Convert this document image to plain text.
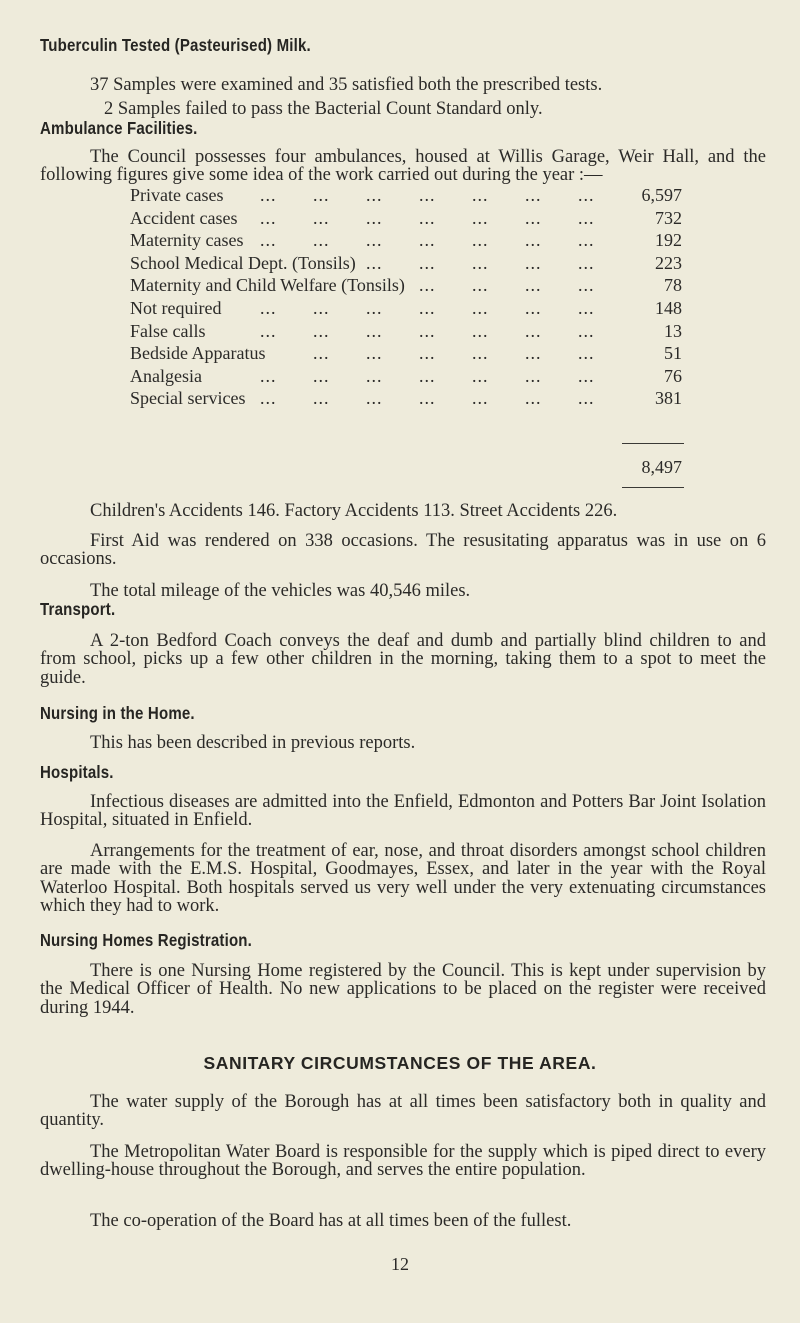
Tuberculin Tested (Pasteurised) Milk.
37 Samples were examined and 35 satisfied both the prescribed tests.
2 Samples failed to pass the Bacterial Count Standard only.
Ambulance Facilities.
The Council possesses four ambulances, housed at Willis Garage, Weir Hall, and the following figures give some idea of the work carried out during the year :—
Private cases	6,597
Accident cases	732
Maternity cases	192
School Medical Dept. (Tonsils)	223
Maternity and Child Welfare (Tonsils)	78
Not required	148
False calls	13
Bedside Apparatus	51
Analgesia	76
Special services	381
... ... ... ... ... ... ...
... ... ... ... ... ... ...
... ... ... ... ... ... ...
... ... ... ... ...
... ... ... ...
... ... ... ... ... ... ...
... ... ... ... ... ... ...
... ... ... ... ... ...
... ... ... ... ... ... ...
... ... ... ... ... ... ...
8,497
Children's Accidents 146. Factory Accidents 113. Street Accidents 226.
First Aid was rendered on 338 occasions. The resusitating apparatus was in use on 6 occasions.
The total mileage of the vehicles was 40,546 miles.
Transport.
A 2-ton Bedford Coach conveys the deaf and dumb and partially blind children to and from school, picks up a few other children in the morning, taking them to a spot to meet the guide.
Nursing in the Home.
This has been described in previous reports.
Hospitals.
Infectious diseases are admitted into the Enfield, Edmonton and Potters Bar Joint Isolation Hospital, situated in Enfield.
Arrangements for the treatment of ear, nose, and throat disorders amongst school children are made with the E.M.S. Hospital, Goodmayes, Essex, and later in the year with the Royal Waterloo Hospital. Both hospitals served us very well under the very extenuating circumstances which they had to work.
Nursing Homes Registration.
There is one Nursing Home registered by the Council. This is kept under supervision by the Medical Officer of Health. No new applications to be placed on the register were received during 1944.
SANITARY CIRCUMSTANCES OF THE AREA.
The water supply of the Borough has at all times been satisfactory both in quality and quantity.
The Metropolitan Water Board is responsible for the supply which is piped direct to every dwelling-house throughout the Borough, and serves the entire population.
The co-operation of the Board has at all times been of the fullest.
12
